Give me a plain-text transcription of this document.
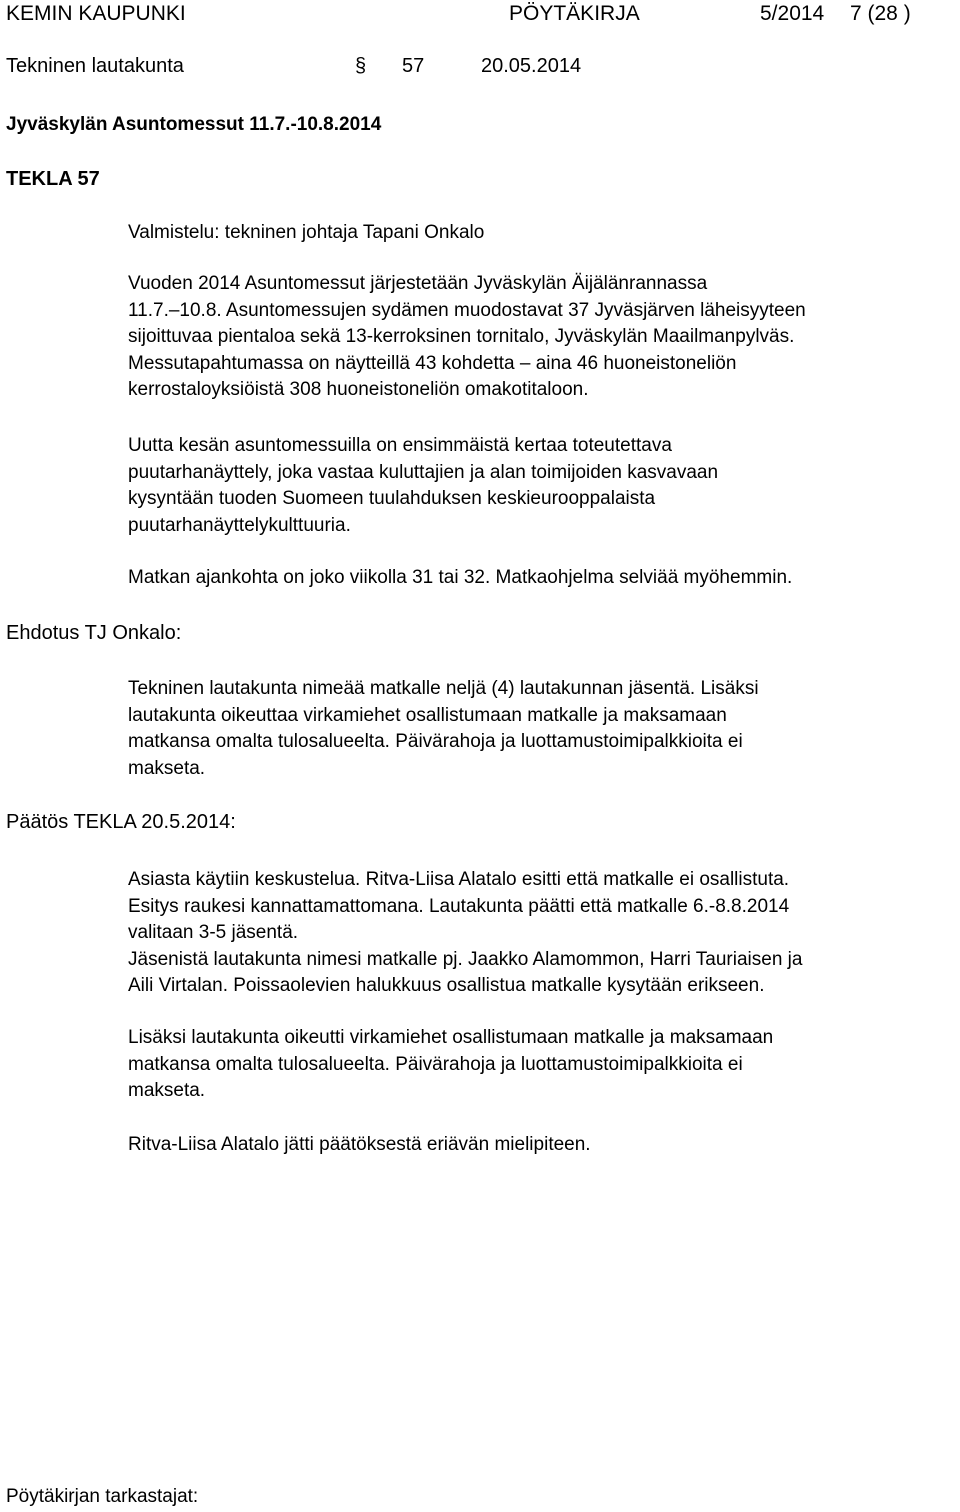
KEMIN KAUPUNKI	PÖYTÄKIRJA	5/2014 7 (28 )
Tekninen lautakunta	§ 57	20.05.2014
Jyväskylän Asuntomessut 11.7.-10.8.2014
TEKLA 57
Valmistelu: tekninen johtaja Tapani Onkalo
Vuoden 2014 Asuntomessut järjestetään Jyväskylän Äijälänrannassa
11.7.–10.8. Asuntomessujen sydämen muodostavat 37 Jyväsjärven läheisyyteen
sijoittuvaa pientaloa sekä 13-kerroksinen tornitalo, Jyväskylän Maailmanpylväs.
Messutapahtumassa on näytteillä 43 kohdetta – aina 46 huoneistoneliön
kerrostaloyksiöistä 308 huoneistoneliön omakotitaloon.
Uutta kesän asuntomessuilla on ensimmäistä kertaa toteutettava
puutarhanäyttely, joka vastaa kuluttajien ja alan toimijoiden kasvavaan
kysyntään tuoden Suomeen tuulahduksen keskieurooppalaista
puutarhanäyttelykulttuuria.
Matkan ajankohta on joko viikolla 31 tai 32. Matkaohjelma selviää myöhemmin.
Ehdotus TJ Onkalo:
Tekninen lautakunta nimeää matkalle neljä (4) lautakunnan jäsentä. Lisäksi
lautakunta oikeuttaa virkamiehet osallistumaan matkalle ja maksamaan
matkansa omalta tulosalueelta. Päivärahoja ja luottamustoimipalkkioita ei
makseta.
Päätös TEKLA 20.5.2014:
Asiasta käytiin keskustelua. Ritva-Liisa Alatalo esitti että matkalle ei osallistuta.
Esitys raukesi kannattamattomana. Lautakunta päätti että matkalle 6.-8.8.2014
valitaan 3-5 jäsentä.
Jäsenistä lautakunta nimesi matkalle pj. Jaakko Alamommon, Harri Tauriaisen ja
Aili Virtalan. Poissaolevien halukkuus osallistua matkalle kysytään erikseen.
Lisäksi lautakunta oikeutti virkamiehet osallistumaan matkalle ja maksamaan
matkansa omalta tulosalueelta. Päivärahoja ja luottamustoimipalkkioita ei
makseta.
Ritva-Liisa Alatalo jätti päätöksestä eriävän mielipiteen.
Pöytäkirjan tarkastajat:
